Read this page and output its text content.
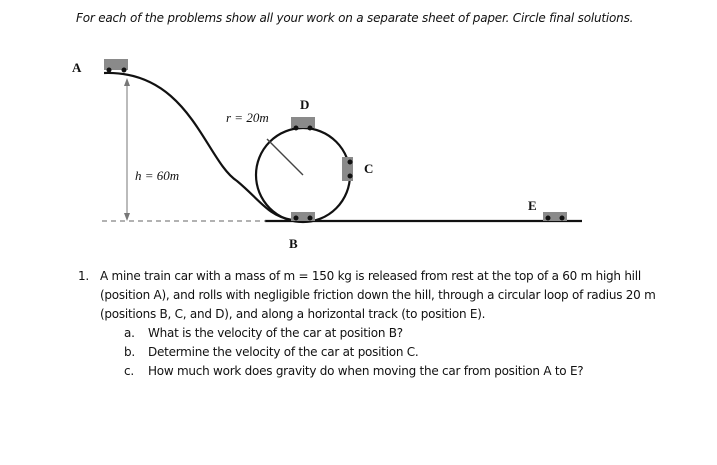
For each of the problems show all your work on a separate sheet of paper. Circle final solutions.
A
D
C
B
E
r = 20m
h = 60m
1. A mine train car with a mass of m = 150 kg is released from rest at the top of a 60 m high hill
(position A), and rolls with negligible friction down the hill, through a circular loop of radius 20 m
(positions B, C, and D), and along a horizontal track (to position E).
a. What is the velocity of the car at position B?
b. Determine the velocity of the car at position C.
c. How much work does gravity do when moving the car from position A to E?
